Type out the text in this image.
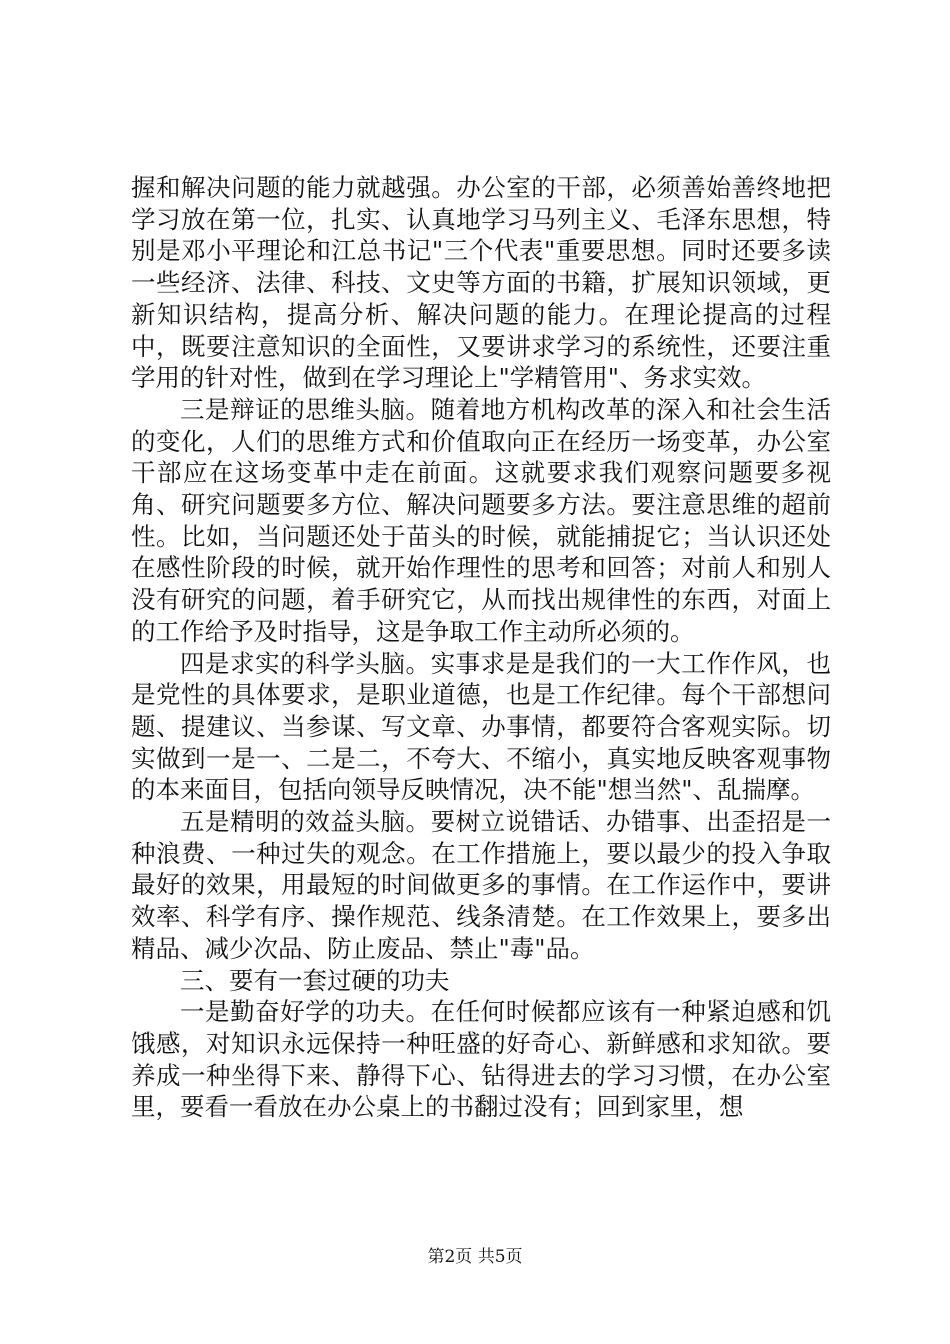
握和解决问题的能力就越强。办公室的干部，必须善始善终地把学习放在第一位，扎实、认真地学习马列主义、毛泽东思想，特别是邓小平理论和江总书记"三个代表"重要思想。同时还要多读一些经济、法律、科技、文史等方面的书籍，扩展知识领域，更新知识结构，提高分析、解决问题的能力。在理论提高的过程中，既要注意知识的全面性，又要讲求学习的系统性，还要注重学用的针对性，做到在学习理论上"学精管用"、务求实效。

三是辩证的思维头脑。随着地方机构改革的深入和社会生活的变化，人们的思维方式和价值取向正在经历一场变革，办公室干部应在这场变革中走在前面。这就要求我们观察问题要多视角、研究问题要多方位、解决问题要多方法。要注意思维的超前性。比如，当问题还处于苗头的时候，就能捕捉它；当认识还处在感性阶段的时候，就开始作理性的思考和回答；对前人和别人没有研究的问题，着手研究它，从而找出规律性的东西，对面上的工作给予及时指导，这是争取工作主动所必须的。

四是求实的科学头脑。实事求是是我们的一大工作作风，也是党性的具体要求，是职业道德，也是工作纪律。每个干部想问题、提建议、当参谋、写文章、办事情，都要符合客观实际。切实做到一是一、二是二，不夸大、不缩小，真实地反映客观事物的本来面目，包括向领导反映情况，决不能"想当然"、乱揣摩。

五是精明的效益头脑。要树立说错话、办错事、出歪招是一种浪费、一种过失的观念。在工作措施上，要以最少的投入争取最好的效果，用最短的时间做更多的事情。在工作运作中，要讲效率、科学有序、操作规范、线条清楚。在工作效果上，要多出精品、减少次品、防止废品、禁止"毒"品。

三、要有一套过硬的功夫

一是勤奋好学的功夫。在任何时候都应该有一种紧迫感和饥饿感，对知识永远保持一种旺盛的好奇心、新鲜感和求知欲。要养成一种坐得下来、静得下心、钻得进去的学习习惯，在办公室里，要看一看放在办公桌上的书翻过没有；回到家里，想

第2页 共5页
